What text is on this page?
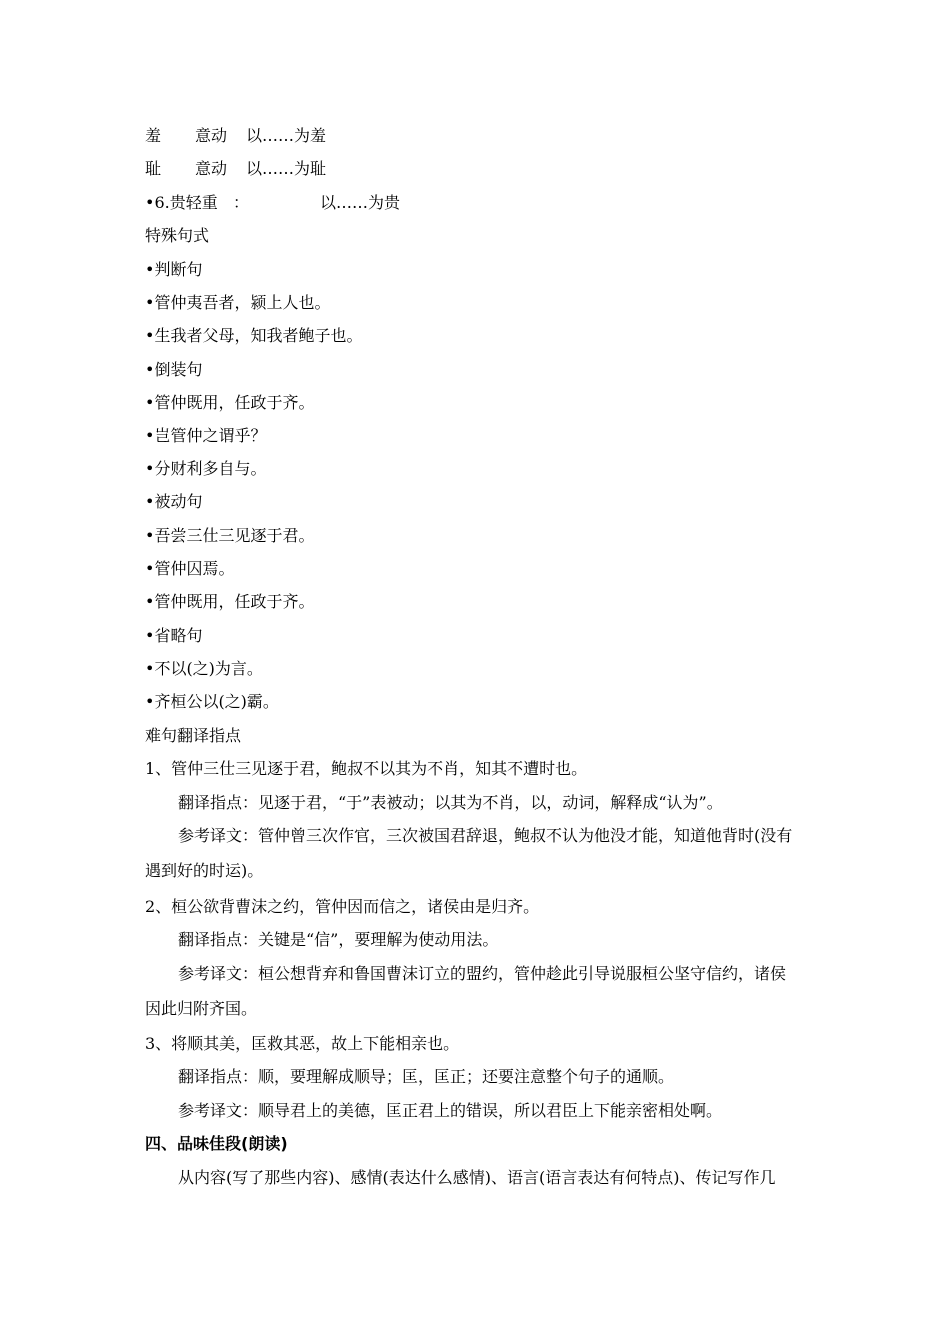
羞 意动 以……为羞
耻 意动 以……为耻
•6.贵轻重 ：	以……为贵
特殊句式
•判断句
•管仲夷吾者，颍上人也。
•生我者父母，知我者鲍子也。
•倒装句
•管仲既用，任政于齐。
•岂管仲之谓乎？
•分财利多自与。
•被动句
•吾尝三仕三见逐于君。
•管仲囚焉。
•管仲既用，任政于齐。
•省略句
•不以(之)为言。
•齐桓公以(之)霸。
难句翻译指点
1、管仲三仕三见逐于君，鲍叔不以其为不肖，知其不遭时也。
翻译指点：见逐于君，“于”表被动；以其为不肖，以，动词，解释成“认为”。
参考译文：管仲曾三次作官，三次被国君辞退，鲍叔不认为他没才能，知道他背时(没有
遇到好的时运)。
2、桓公欲背曹沫之约，管仲因而信之，诸侯由是归齐。
翻译指点：关键是“信”，要理解为使动用法。
参考译文：桓公想背弃和鲁国曹沫订立的盟约，管仲趁此引导说服桓公坚守信约，诸侯
因此归附齐国。
3、将顺其美，匡救其恶，故上下能相亲也。
翻译指点：顺，要理解成顺导；匡，匡正；还要注意整个句子的通顺。
参考译文：顺导君上的美德，匡正君上的错误，所以君臣上下能亲密相处啊。
四、品味佳段(朗读)
从内容(写了那些内容)、感情(表达什么感情)、语言(语言表达有何特点)、传记写作几
